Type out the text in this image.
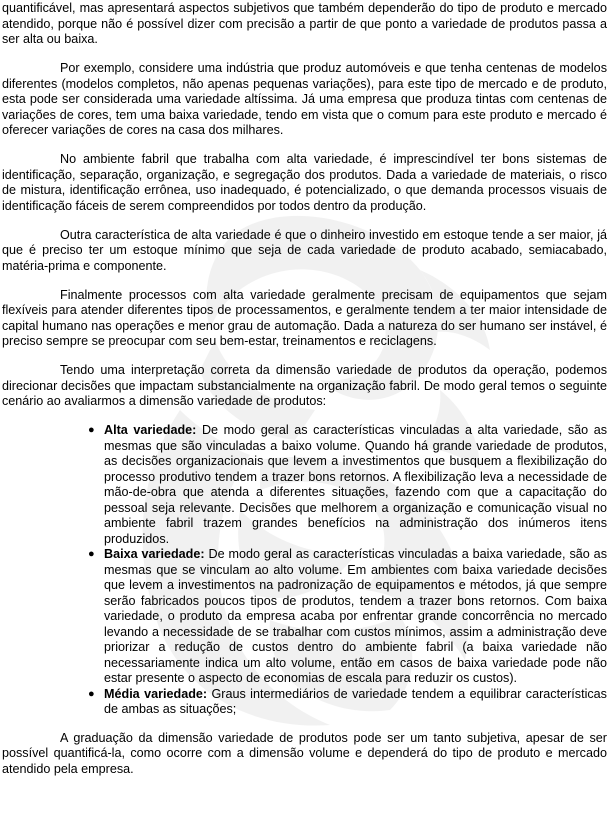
quantificável, mas apresentará aspectos subjetivos que também dependerão do tipo de produto e mercado atendido, porque não é possível dizer com precisão a partir de que ponto a variedade de produtos passa a ser alta ou baixa.

Por exemplo, considere uma indústria que produz automóveis e que tenha centenas de modelos diferentes (modelos completos, não apenas pequenas variações), para este tipo de mercado e de produto, esta pode ser considerada uma variedade altíssima. Já uma empresa que produza tintas com centenas de variações de cores, tem uma baixa variedade, tendo em vista que o comum para este produto e mercado é oferecer variações de cores na casa dos milhares.

No ambiente fabril que trabalha com alta variedade, é imprescindível ter bons sistemas de identificação, separação, organização, e segregação dos produtos. Dada a variedade de materiais, o risco de mistura, identificação errônea, uso inadequado, é potencializado, o que demanda processos visuais de identificação fáceis de serem compreendidos por todos dentro da produção.

Outra característica de alta variedade é que o dinheiro investido em estoque tende a ser maior, já que é preciso ter um estoque mínimo que seja de cada variedade de produto acabado, semiacabado, matéria-prima e componente.

Finalmente processos com alta variedade geralmente precisam de equipamentos que sejam flexíveis para atender diferentes tipos de processamentos, e geralmente tendem a ter maior intensidade de capital humano nas operações e menor grau de automação. Dada a natureza do ser humano ser instável, é preciso sempre se preocupar com seu bem-estar, treinamentos e reciclagens.

Tendo uma interpretação correta da dimensão variedade de produtos da operação, podemos direcionar decisões que impactam substancialmente na organização fabril. De modo geral temos o seguinte cenário ao avaliarmos a dimensão variedade de produtos:

● Alta variedade: De modo geral as características vinculadas a alta variedade, são as mesmas que são vinculadas a baixo volume. Quando há grande variedade de produtos, as decisões organizacionais que levem a investimentos que busquem a flexibilização do processo produtivo tendem a trazer bons retornos. A flexibilização leva a necessidade de mão-de-obra que atenda a diferentes situações, fazendo com que a capacitação do pessoal seja relevante. Decisões que melhorem a organização e comunicação visual no ambiente fabril trazem grandes benefícios na administração dos inúmeros itens produzidos.
● Baixa variedade: De modo geral as características vinculadas a baixa variedade, são as mesmas que se vinculam ao alto volume. Em ambientes com baixa variedade decisões que levem a investimentos na padronização de equipamentos e métodos, já que sempre serão fabricados poucos tipos de produtos, tendem a trazer bons retornos. Com baixa variedade, o produto da empresa acaba por enfrentar grande concorrência no mercado levando a necessidade de se trabalhar com custos mínimos, assim a administração deve priorizar a redução de custos dentro do ambiente fabril (a baixa variedade não necessariamente indica um alto volume, então em casos de baixa variedade pode não estar presente o aspecto de economias de escala para reduzir os custos).
● Média variedade: Graus intermediários de variedade tendem a equilibrar características de ambas as situações;

A graduação da dimensão variedade de produtos pode ser um tanto subjetiva, apesar de ser possível quantificá-la, como ocorre com a dimensão volume e dependerá do tipo de produto e mercado atendido pela empresa.
